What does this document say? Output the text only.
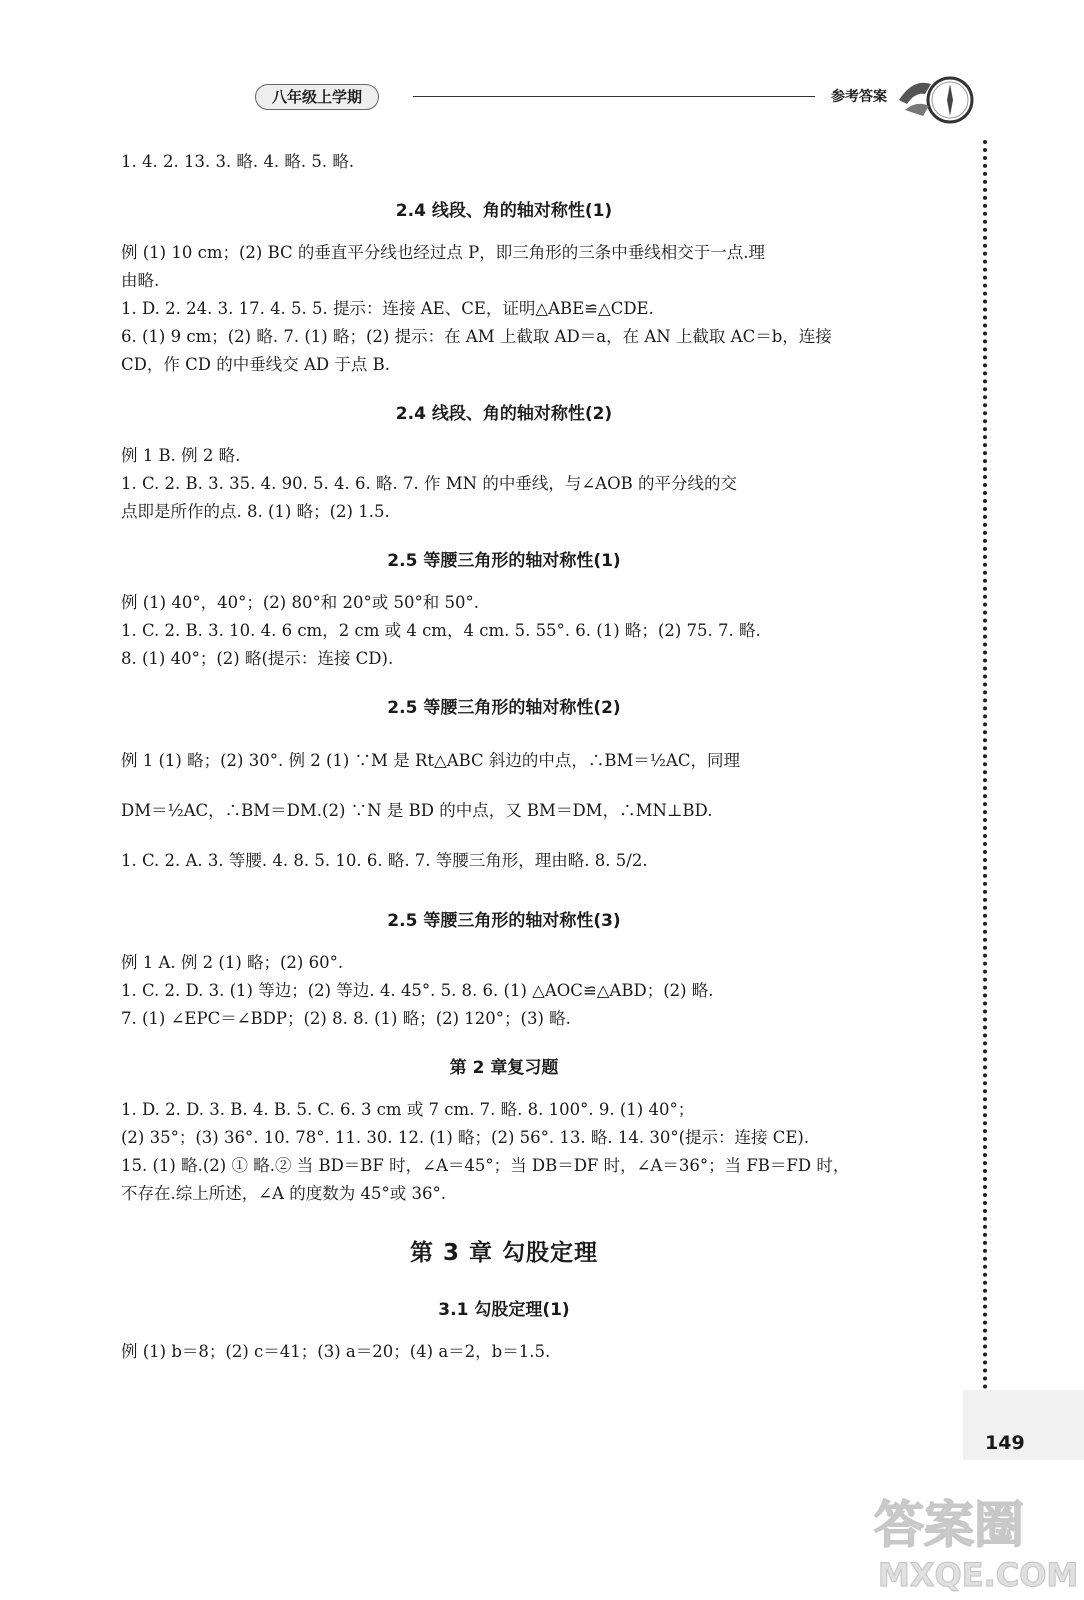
八年级上学期	参考答案
149

1. 4. 2. 13. 3. 略. 4. 略. 5. 略.

2.4 线段、角的轴对称性(1)

例 (1) 10 cm；(2) BC 的垂直平分线也经过点 P，即三角形的三条中垂线相交于一点.理

由略.

1. D. 2. 24. 3. 17. 4. 5. 5. 提示：连接 AE、CE，证明△ABE≌△CDE.

6. (1) 9 cm；(2) 略. 7. (1) 略；(2) 提示：在 AM 上截取 AD＝a，在 AN 上截取 AC＝b，连接

CD，作 CD 的中垂线交 AD 于点 B.

2.4 线段、角的轴对称性(2)

例 1 B. 例 2 略.

1. C. 2. B. 3. 35. 4. 90. 5. 4. 6. 略. 7. 作 MN 的中垂线，与∠AOB 的平分线的交

点即是所作的点. 8. (1) 略；(2) 1.5.

2.5 等腰三角形的轴对称性(1)

例 (1) 40°，40°；(2) 80°和 20°或 50°和 50°.

1. C. 2. B. 3. 10. 4. 6 cm，2 cm 或 4 cm，4 cm. 5. 55°. 6. (1) 略；(2) 75. 7. 略.

8. (1) 40°；(2) 略(提示：连接 CD).

2.5 等腰三角形的轴对称性(2)

例 1 (1) 略；(2) 30°. 例 2 (1) ∵M 是 Rt△ABC 斜边的中点，∴BM＝½AC，同理

DM＝½AC，∴BM＝DM.(2) ∵N 是 BD 的中点，又 BM＝DM，∴MN⊥BD.

1. C. 2. A. 3. 等腰. 4. 8. 5. 10. 6. 略. 7. 等腰三角形，理由略. 8. 5/2.

2.5 等腰三角形的轴对称性(3)

例 1 A. 例 2 (1) 略；(2) 60°.

1. C. 2. D. 3. (1) 等边；(2) 等边. 4. 45°. 5. 8. 6. (1) △AOC≌△ABD；(2) 略.

7. (1) ∠EPC＝∠BDP；(2) 8. 8. (1) 略；(2) 120°；(3) 略.

第 2 章复习题

1. D. 2. D. 3. B. 4. B. 5. C. 6. 3 cm 或 7 cm. 7. 略. 8. 100°. 9. (1) 40°；

(2) 35°；(3) 36°. 10. 78°. 11. 30. 12. (1) 略；(2) 56°. 13. 略. 14. 30°(提示：连接 CE).

15. (1) 略.(2) ① 略.② 当 BD＝BF 时，∠A＝45°；当 DB＝DF 时，∠A＝36°；当 FB＝FD 时，

不存在.综上所述，∠A 的度数为 45°或 36°.

第 3 章 勾股定理

3.1 勾股定理(1)

例 (1) b＝8；(2) c＝41；(3) a＝20；(4) a＝2，b＝1.5.

答案圈
MXQE.COM
